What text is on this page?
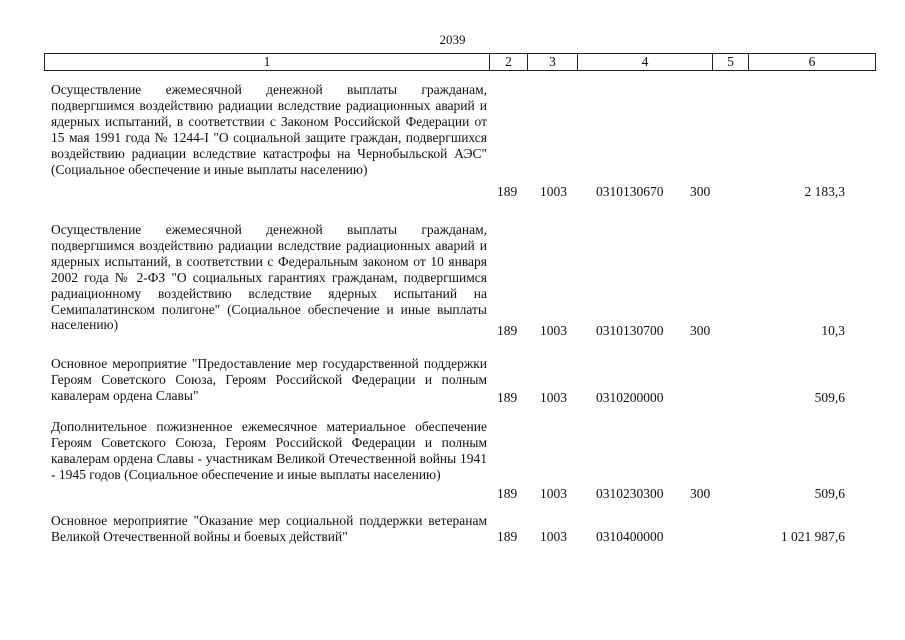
2039
1	2	3	4	5	6
Осуществление ежемесячной денежной выплаты гражданам, подвергшимся воздействию радиации вследствие радиационных аварий и ядерных испытаний, в соответствии с Законом Российской Федерации от 15 мая 1991 года № 1244-I "О социальной защите граждан, подвергшихся воздействию радиации вследствие катастрофы на Чернобыльской АЭС" (Социальное обеспечение и иные выплаты населению)
189 1003 0310130670 300	2 183,3
Осуществление ежемесячной денежной выплаты гражданам, подвергшимся воздействию радиации вследствие радиационных аварий и ядерных испытаний, в соответствии с Федеральным законом от 10 января 2002 года № 2-ФЗ "О социальных гарантиях гражданам, подвергшимся радиационному воздействию вследствие ядерных испытаний на Семипалатинском полигоне" (Социальное обеспечение и иные выплаты населению)	189 1003 0310130700 300	10,3
Основное мероприятие "Предоставление мер государственной поддержки Героям Советского Союза, Героям Российской Федерации и полным кавалерам ордена Славы"	189 1003 0310200000	509,6
Дополнительное пожизненное ежемесячное материальное обеспечение Героям Советского Союза, Героям Российской Федерации и полным кавалерам ордена Славы - участникам Великой Отечественной войны 1941 - 1945 годов (Социальное обеспечение и иные выплаты населению)
189 1003 0310230300 300	509,6
Основное мероприятие "Оказание мер социальной поддержки ветеранам Великой Отечественной войны и боевых действий"	189 1003 0310400000	1 021 987,6
